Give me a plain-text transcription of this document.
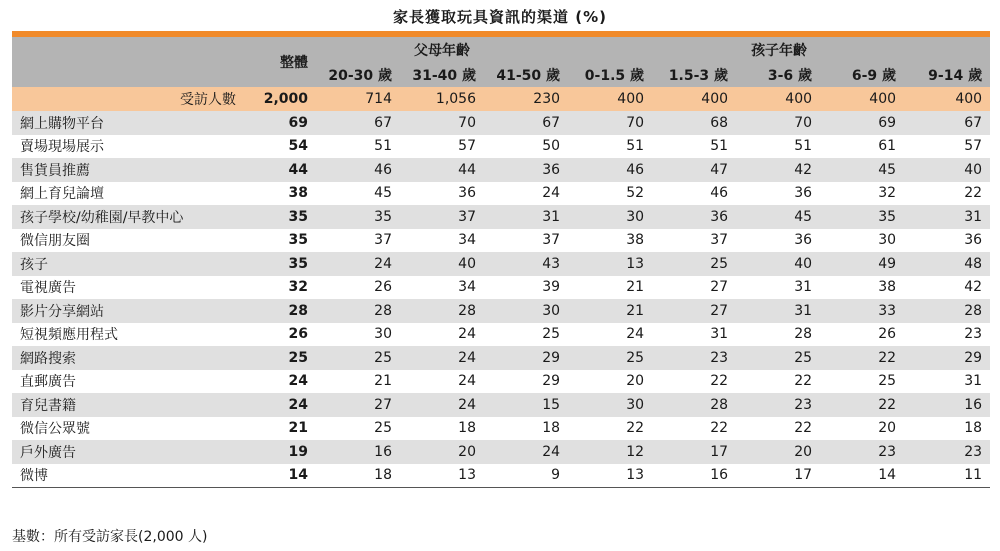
家長獲取玩具資訊的渠道 (%)
	整體	父母年齡			孩子年齡				
		20-30 歲	31-40 歲	41-50 歲	0-1.5 歲	1.5-3 歲	3-6 歲	6-9 歲	9-14 歲
受訪人數	2,000	714	1,056	230	400	400	400	400	400
網上購物平台	69	67	70	67	70	68	70	69	67
賣場現場展示	54	51	57	50	51	51	51	61	57
售貨員推薦	44	46	44	36	46	47	42	45	40
網上育兒論壇	38	45	36	24	52	46	36	32	22
孩子學校/幼稚園/早教中心	35	35	37	31	30	36	45	35	31
微信朋友圈	35	37	34	37	38	37	36	30	36
孩子	35	24	40	43	13	25	40	49	48
電視廣告	32	26	34	39	21	27	31	38	42
影片分享網站	28	28	28	30	21	27	31	33	28
短視頻應用程式	26	30	24	25	24	31	28	26	23
網路搜索	25	25	24	29	25	23	25	22	29
直郵廣告	24	21	24	29	20	22	22	25	31
育兒書籍	24	27	24	15	30	28	23	22	16
微信公眾號	21	25	18	18	22	22	22	20	18
戶外廣告	19	16	20	24	12	17	20	23	23
微博	14	18	13	9	13	16	17	14	11
基數：所有受訪家長(2,000 人)
